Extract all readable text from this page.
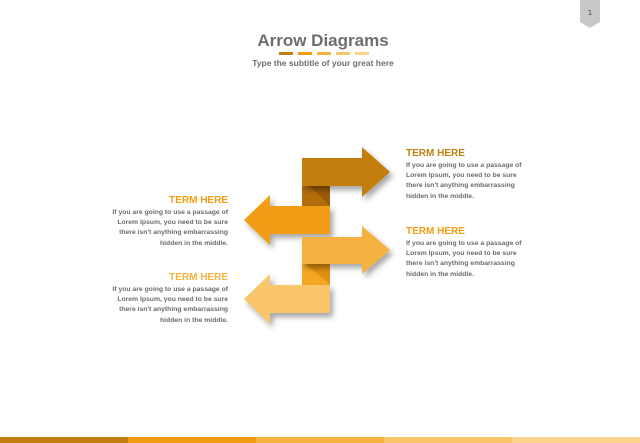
1
Arrow Diagrams
Type the subtitle of your great here
TERM HERE
If you are going to use a passage of
Lorem Ipsum, you need to be sure
there isn't anything embarrassing
hidden in the middle.
TERM HERE
If you are going to use a passage of
Lorem Ipsum, you need to be sure
there isn't anything embarrassing
hidden in the middle.
TERM HERE
If you are going to use a passage of
Lorem Ipsum, you need to be sure
there isn't anything embarrassing
hidden in the middle.
TERM HERE
If you are going to use a passage of
Lorem Ipsum, you need to be sure
there isn't anything embarrassing
hidden in the middle.
